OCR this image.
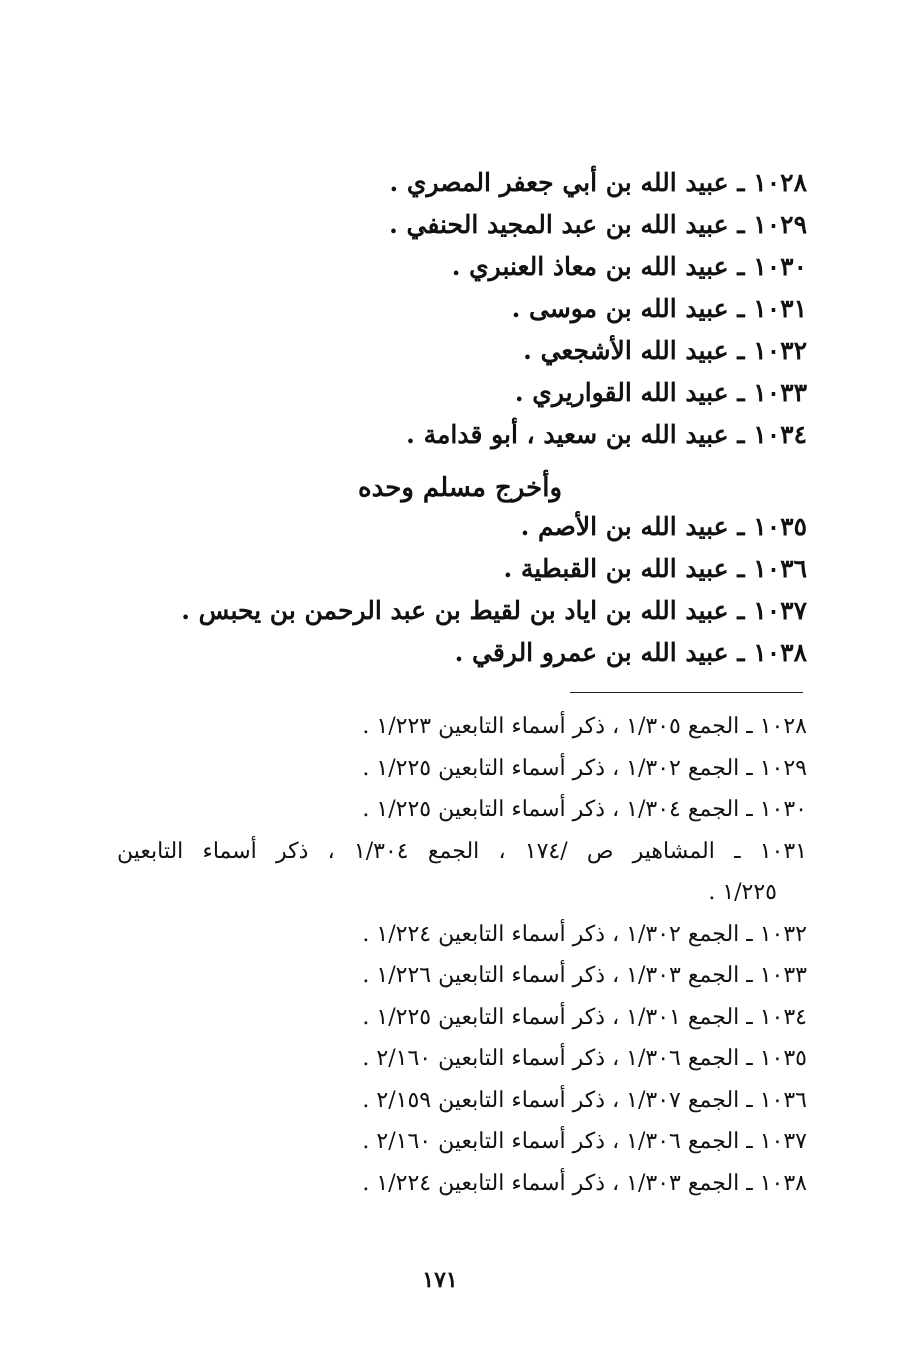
١٠٢٨ ـ عبيد الله بن أبي جعفر المصري .
١٠٢٩ ـ عبيد الله بن عبد المجيد الحنفي .
١٠٣٠ ـ عبيد الله بن معاذ العنبري .
١٠٣١ ـ عبيد الله بن موسى .
١٠٣٢ ـ عبيد الله الأشجعي .
١٠٣٣ ـ عبيد الله القواريري .
١٠٣٤ ـ عبيد الله بن سعيد ، أبو قدامة .
وأخرج مسلم وحده
١٠٣٥ ـ عبيد الله بن الأصم .
١٠٣٦ ـ عبيد الله بن القبطية .
١٠٣٧ ـ عبيد الله بن اياد بن لقيط بن عبد الرحمن بن يحبس .
١٠٣٨ ـ عبيد الله بن عمرو الرقي .
١٠٢٨ ـ الجمع ١/٣٠٥ ، ذكر أسماء التابعين ١/٢٢٣ .
١٠٢٩ ـ الجمع ١/٣٠٢ ، ذكر أسماء التابعين ١/٢٢٥ .
١٠٣٠ ـ الجمع ١/٣٠٤ ، ذكر أسماء التابعين ١/٢٢٥ .
١٠٣١ ـ المشاهير ص /١٧٤ ، الجمع ١/٣٠٤ ، ذكر أسماء التابعين
١/٢٢٥ .
١٠٣٢ ـ الجمع ١/٣٠٢ ، ذكر أسماء التابعين ١/٢٢٤ .
١٠٣٣ ـ الجمع ١/٣٠٣ ، ذكر أسماء التابعين ١/٢٢٦ .
١٠٣٤ ـ الجمع ١/٣٠١ ، ذكر أسماء التابعين ١/٢٢٥ .
١٠٣٥ ـ الجمع ١/٣٠٦ ، ذكر أسماء التابعين ٢/١٦٠ .
١٠٣٦ ـ الجمع ١/٣٠٧ ، ذكر أسماء التابعين ٢/١٥٩ .
١٠٣٧ ـ الجمع ١/٣٠٦ ، ذكر أسماء التابعين ٢/١٦٠ .
١٠٣٨ ـ الجمع ١/٣٠٣ ، ذكر أسماء التابعين ١/٢٢٤ .
١٧١
